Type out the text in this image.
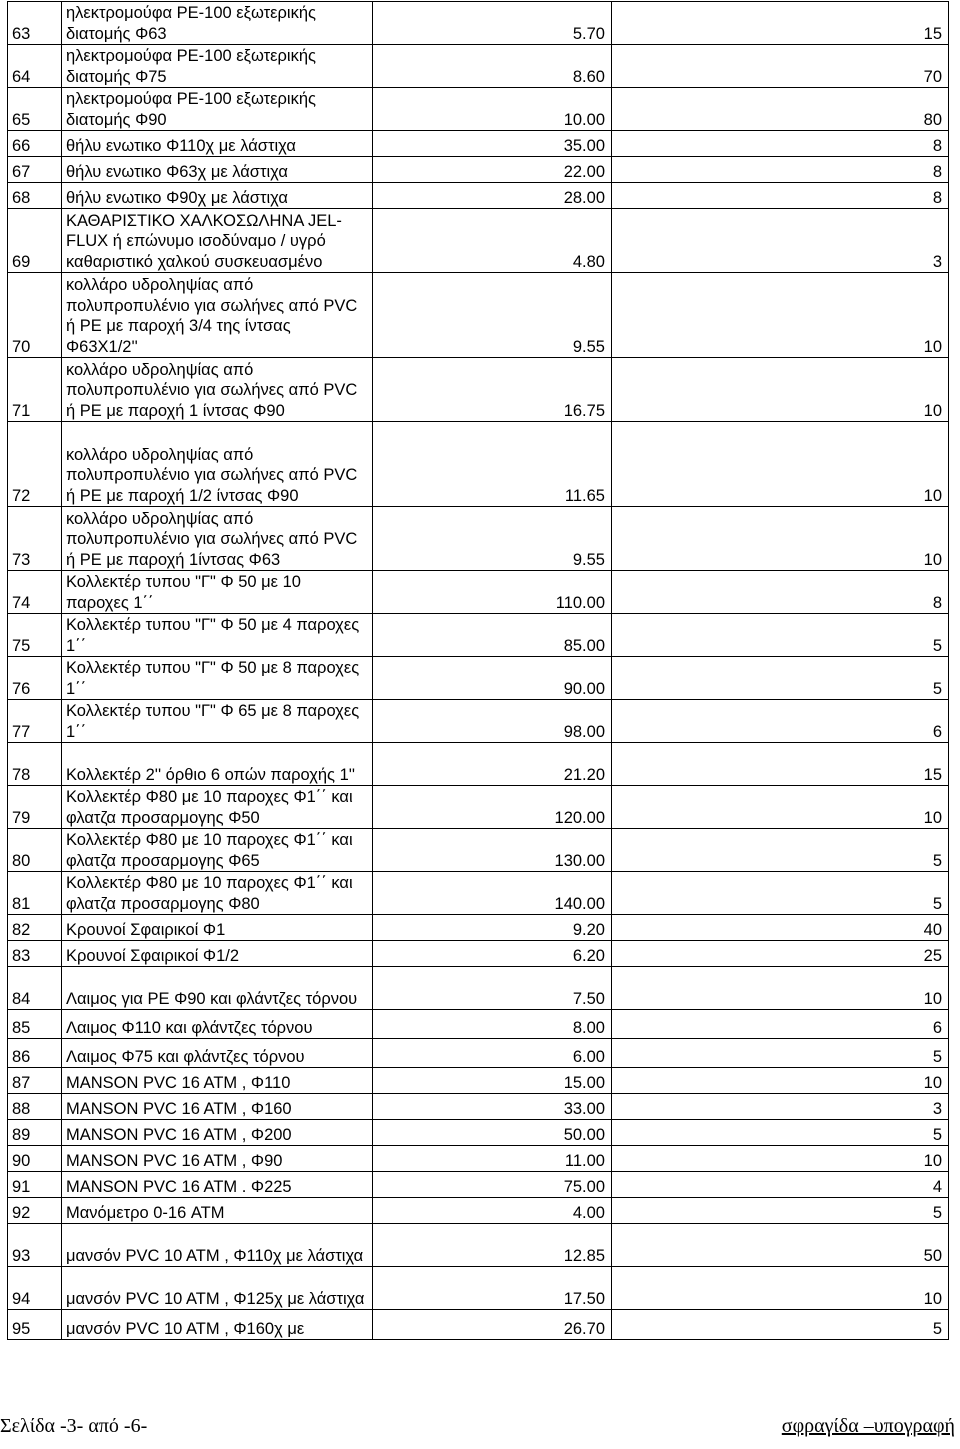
63	ηλεκτρομούφα PE-100 εξωτερικής διατομής Φ63	5.70	15
64	ηλεκτρομούφα PE-100 εξωτερικής διατομής Φ75	8.60	70
65	ηλεκτρομούφα PE-100 εξωτερικής διατομής Φ90	10.00	80
66	θήλυ ενωτικο Φ110χ με λάστιχα	35.00	8
67	θήλυ ενωτικο Φ63χ με λάστιχα	22.00	8
68	θήλυ ενωτικο Φ90χ με λάστιχα	28.00	8
69	ΚΑΘΑΡΙΣΤΙΚΟ ΧΑΛΚΟΣΩΛΗΝΑ JEL-FLUX ή επώνυμο ισοδύναμο / υγρό καθαριστικό χαλκού συσκευασμένο	4.80	3
70	κολλάρο υδροληψίας από πολυπροπυλένιο για σωλήνες από PVC ή PE με παροχή 3/4 της ίντσας Φ63Χ1/2''	9.55	10
71	κολλάρο υδροληψίας από πολυπροπυλένιο για σωλήνες από PVC ή PE με παροχή 1 ίντσας Φ90	16.75	10
72	κολλάρο υδροληψίας από πολυπροπυλένιο για σωλήνες από PVC ή PE με παροχή 1/2 ίντσας Φ90	11.65	10
73	κολλάρο υδροληψίας από πολυπροπυλένιο για σωλήνες από PVC ή PE με παροχή 1ίντσας Φ63	9.55	10
74	Κολλεκτέρ τυπου "Γ" Φ 50 με 10 παροχες 1΄΄	110.00	8
75	Κολλεκτέρ τυπου "Γ" Φ 50 με 4 παροχες 1΄΄	85.00	5
76	Κολλεκτέρ τυπου "Γ" Φ 50 με 8 παροχες 1΄΄	90.00	5
77	Κολλεκτέρ τυπου "Γ" Φ 65 με 8 παροχες 1΄΄	98.00	6
78	Κολλεκτέρ 2'' όρθιο 6 οπών παροχής 1''	21.20	15
79	Κολλεκτέρ Φ80 με 10 παροχες Φ1΄΄ και φλατζα προσαρμογης Φ50	120.00	10
80	Κολλεκτέρ Φ80 με 10 παροχες Φ1΄΄ και φλατζα προσαρμογης Φ65	130.00	5
81	Κολλεκτέρ Φ80 με 10 παροχες Φ1΄΄ και φλατζα προσαρμογης Φ80	140.00	5
82	Κρουνοί Σφαιρικοί Φ1	9.20	40
83	Κρουνοί Σφαιρικοί Φ1/2	6.20	25
84	Λαιμος για PE Φ90 και φλάντζες τόρνου	7.50	10
85	Λαιμος Φ110 και φλάντζες τόρνου	8.00	6
86	Λαιμος Φ75 και φλάντζες τόρνου	6.00	5
87	MANSON PVC 16 ATM , Φ110	15.00	10
88	MANSON PVC 16 ATM , Φ160	33.00	3
89	MANSON PVC 16 ATM , Φ200	50.00	5
90	MANSON PVC 16 ATM , Φ90	11.00	10
91	MANSON PVC 16 ATM . Φ225	75.00	4
92	Μανόμετρο 0-16 ATM	4.00	5
93	μανσόν PVC 10 ATM , Φ110χ με λάστιχα	12.85	50
94	μανσόν PVC 10 ATM , Φ125χ με λάστιχα	17.50	10
95	μανσόν PVC 10 ATM , Φ160χ με	26.70	5
Σελίδα -3- από -6-	σφραγίδα –υπογραφή
